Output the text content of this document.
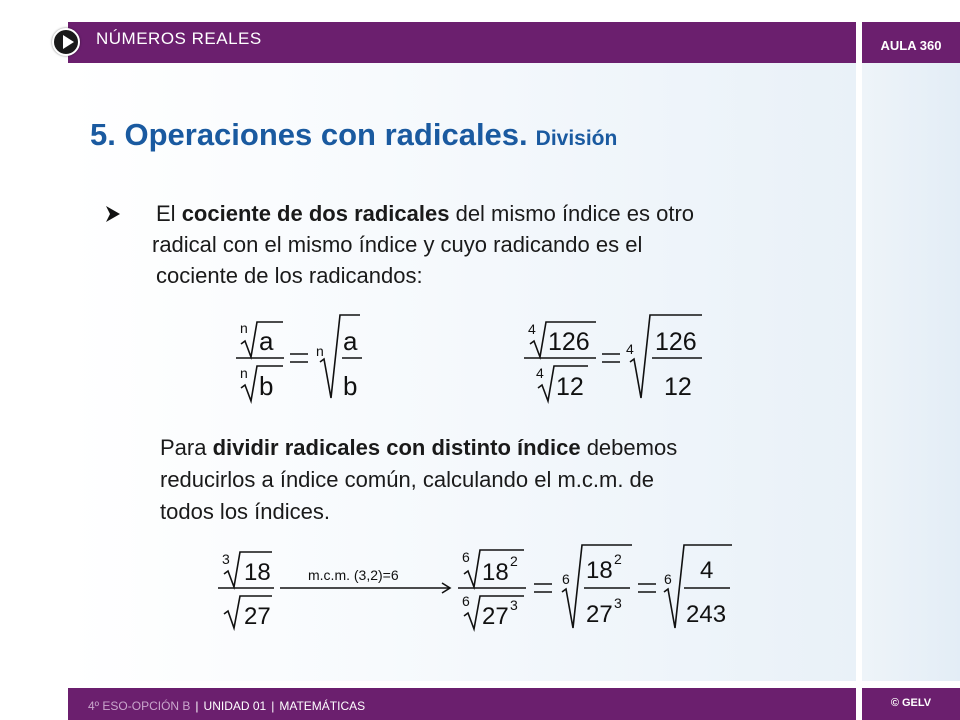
NÚMEROS REALES	AULA 360
5. Operaciones con radicales. División
El cociente de dos radicales del mismo índice es otro
radical con el mismo índice y cuyo radicando es el
cociente de los radicandos:
n a
n b
n a
b
4 126
4 12
4 126
12
Para dividir radicales con distinto índice debemos
reducirlos a índice común, calculando el m.c.m. de
todos los índices.
3 18
27
m.c.m. (3,2)=6
6
18 2
6
27 3
6 18 2
27 3
6 4
243
4º ESO-OPCIÓN B | UNIDAD 01 | MATEMÁTICAS	© GELV
